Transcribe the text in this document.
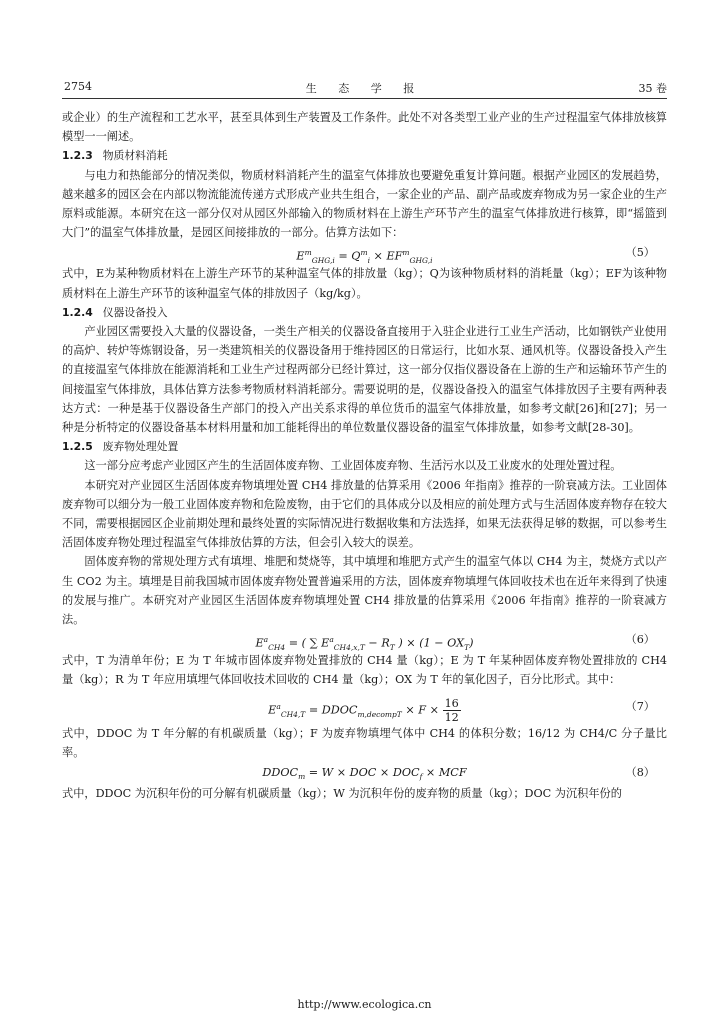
2754	生 态 学 报	35 卷

或企业）的生产流程和工艺水平，甚至具体到生产装置及工作条件。此处不对各类型工业产业的生产过程温室气体排放核算模型一一阐述。

1.2.3 物质材料消耗

与电力和热能部分的情况类似，物质材料消耗产生的温室气体排放也要避免重复计算问题。根据产业园区的发展趋势，越来越多的园区会在内部以物流能流传递方式形成产业共生组合，一家企业的产品、副产品或废弃物成为另一家企业的生产原料或能源。本研究在这一部分仅对从园区外部输入的物质材料在上游生产环节产生的温室气体排放进行核算，即“摇篮到大门”的温室气体排放量，是园区间接排放的一部分。估算方法如下：

$E^m_{GHG,i} = Q^m_i \times EF^m_{GHG,i}$
（5）

式中，E为某种物质材料在上游生产环节的某种温室气体的排放量（kg）；Q为该种物质材料的消耗量（kg）；EF为该种物质材料在上游生产环节的该种温室气体的排放因子（kg/kg）。

1.2.4 仪器设备投入

产业园区需要投入大量的仪器设备，一类生产相关的仪器设备直接用于入驻企业进行工业生产活动，比如钢铁产业使用的高炉、转炉等炼钢设备，另一类建筑相关的仪器设备用于维持园区的日常运行，比如水泵、通风机等。仪器设备投入产生的直接温室气体排放在能源消耗和工业生产过程两部分已经计算过，这一部分仅指仪器设备在上游的生产和运输环节产生的间接温室气体排放，具体估算方法参考物质材料消耗部分。需要说明的是，仪器设备投入的温室气体排放因子主要有两种表达方式：一种是基于仪器设备生产部门的投入产出关系求得的单位货币的温室气体排放量，如参考文献[26]和[27]；另一种是分析特定的仪器设备基本材料用量和加工能耗得出的单位数量仪器设备的温室气体排放量，如参考文献[28-30]。

1.2.5 废弃物处理处置

这一部分应考虑产业园区产生的生活固体废弃物、工业固体废弃物、生活污水以及工业废水的处理处置过程。

本研究对产业园区生活固体废弃物填埋处置 CH4 排放量的估算采用《2006 年指南》推荐的一阶衰减方法。工业固体废弃物可以细分为一般工业固体废弃物和危险废物，由于它们的具体成分以及相应的前处理方式与生活固体废弃物存在较大不同，需要根据园区企业前期处理和最终处置的实际情况进行数据收集和方法选择，如果无法获得足够的数据，可以参考生活固体废弃物处理过程温室气体排放估算的方法，但会引入较大的误差。

固体废弃物的常规处理方式有填埋、堆肥和焚烧等，其中填埋和堆肥方式产生的温室气体以 CH4 为主，焚烧方式以产生 CO2 为主。填埋是目前我国城市固体废弃物处置普遍采用的方法，固体废弃物填埋气体回收技术也在近年来得到了快速的发展与推广。本研究对产业园区生活固体废弃物填埋处置 CH4 排放量的估算采用《2006 年指南》推荐的一阶衰减方法。

$E^a_{CH4}$ = ( ∑ $E^a_{CH4,x,T} - R_T$ ) × $(1 - OX_T)$	（6）

式中，T 为清单年份；E 为 T 年城市固体废弃物处置排放的 CH4 量（kg）；E 为 T 年某种固体废弃物处置排放的 CH4 量（kg）；R 为 T 年应用填埋气体回收技术回收的 CH4 量（kg）；OX 为 T 年的氧化因子，百分比形式。其中：

$E^a_{CH4,T}$ = $DDOC_{m,decompT} \times F \times \frac{16}{12}$	（7）

式中，DDOC 为 T 年分解的有机碳质量（kg）；F 为废弃物填埋气体中 CH4 的体积分数；16/12 为 CH4/C 分子量比率。

$DDOC_m = W$ × DOC × $DOC_f$ × MCF	（8）

式中，DDOC 为沉积年份的可分解有机碳质量（kg）；W 为沉积年份的废弃物的质量（kg）；DOC 为沉积年份的

http://www.ecologica.cn
